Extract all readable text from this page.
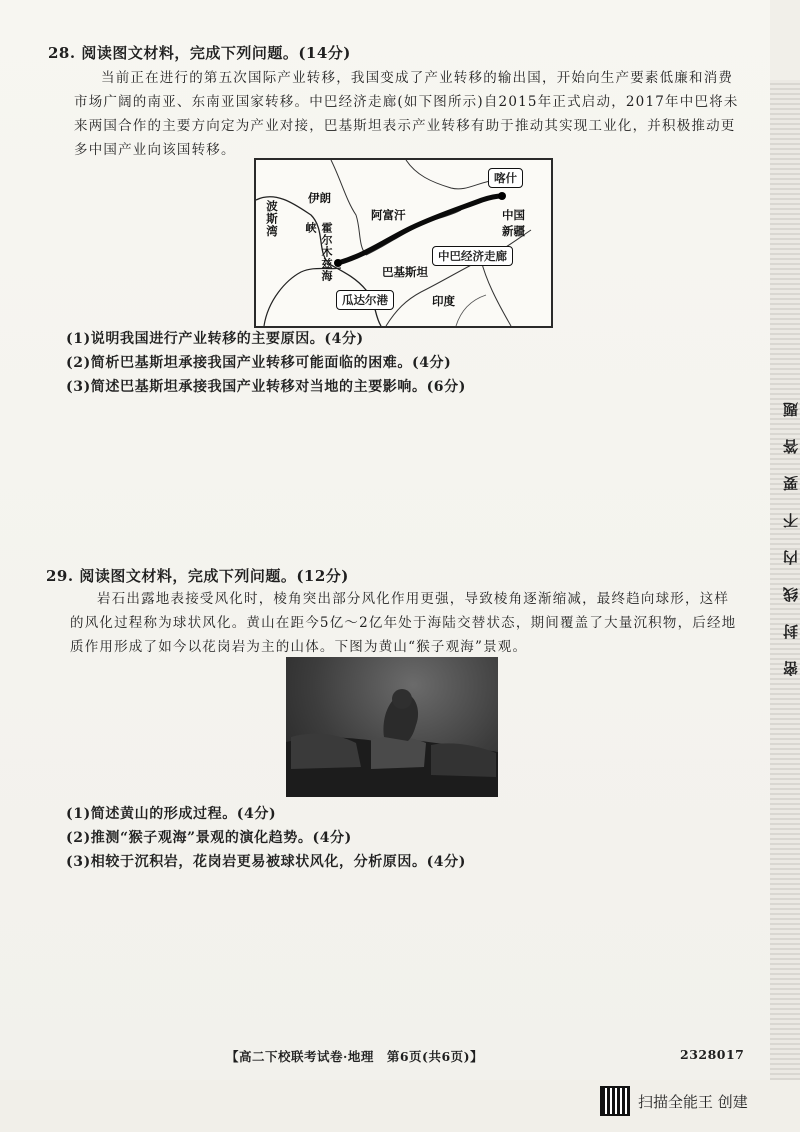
28. 阅读图文材料，完成下列问题。(14分)
当前正在进行的第五次国际产业转移，我国变成了产业转移的输出国，开始向生产要素低廉和消费市场广阔的南亚、东南亚国家转移。中巴经济走廊(如下图所示)自2015年正式启动，2017年中巴将未来两国合作的主要方向定为产业对接，巴基斯坦表示产业转移有助于推动其实现工业化，并积极推动更多中国产业向该国转移。
伊朗
阿富汗
波斯湾
霍尔木兹海峡
喀什
中国
新疆
中巴经济走廊
巴基斯坦
瓜达尔港	印度
(1)说明我国进行产业转移的主要原因。(4分)
(2)简析巴基斯坦承接我国产业转移可能面临的困难。(4分)
(3)简述巴基斯坦承接我国产业转移对当地的主要影响。(6分)
29. 阅读图文材料，完成下列问题。(12分)
岩石出露地表接受风化时，棱角突出部分风化作用更强，导致棱角逐渐缩减，最终趋向球形，这样的风化过程称为球状风化。黄山在距今5亿～2亿年处于海陆交替状态，期间覆盖了大量沉积物，后经地质作用形成了如今以花岗岩为主的山体。下图为黄山“猴子观海”景观。
(1)简述黄山的形成过程。(4分)
(2)推测“猴子观海”景观的演化趋势。(4分)
(3)相较于沉积岩，花岗岩更易被球状风化，分析原因。(4分)
【高二下校联考试卷·地理　第6页(共6页)】	2328017
密封线内不要答题
扫描全能王 创建
